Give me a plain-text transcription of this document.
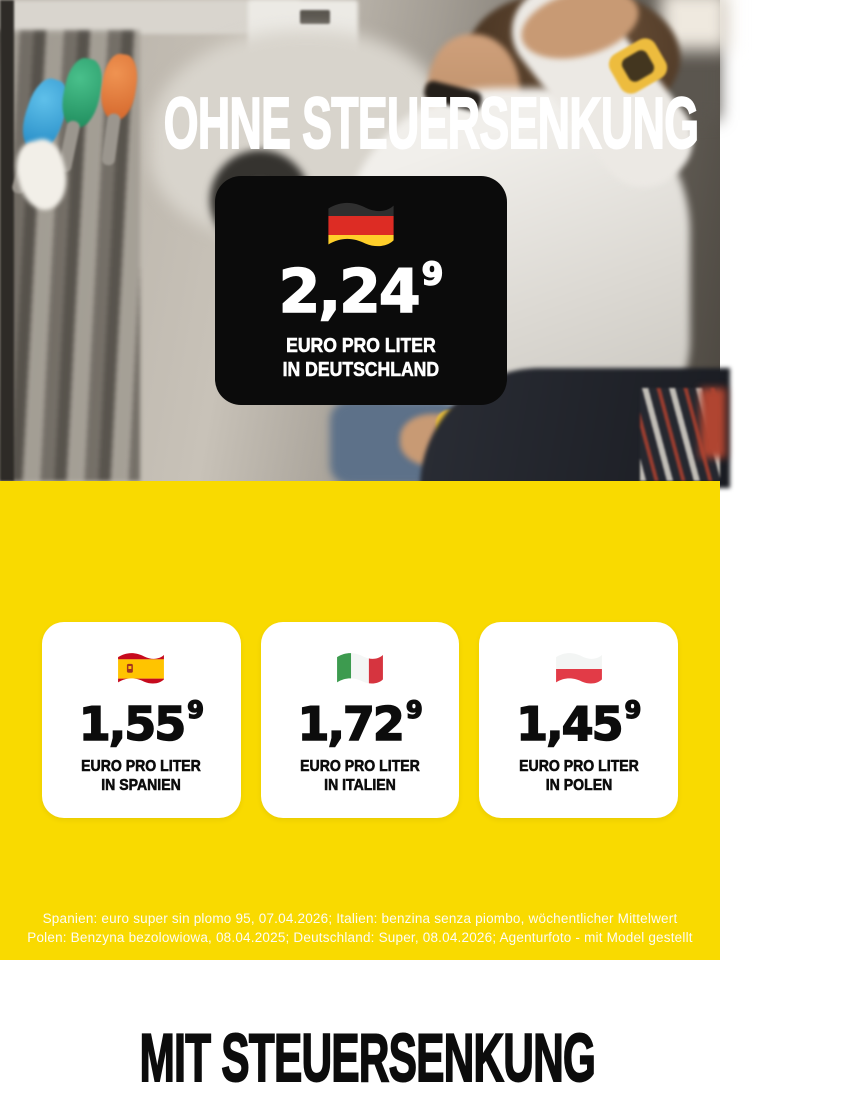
OHNE STEUERSENKUNG
2,249
EURO PRO LITER
IN DEUTSCHLAND
MIT STEUERSENKUNG
1,55 9
EURO PRO LITER
IN SPANIEN
1,72 9
EURO PRO LITER
IN ITALIEN
1,45 9
EURO PRO LITER
IN POLEN
Spanien: euro super sin plomo 95, 07.04.2026; Italien: benzina senza piombo, wöchentlicher Mittelwert
Polen: Benzyna bezolowiowa, 08.04.2025; Deutschland: Super, 08.04.2026; Agenturfoto - mit Model gestellt
